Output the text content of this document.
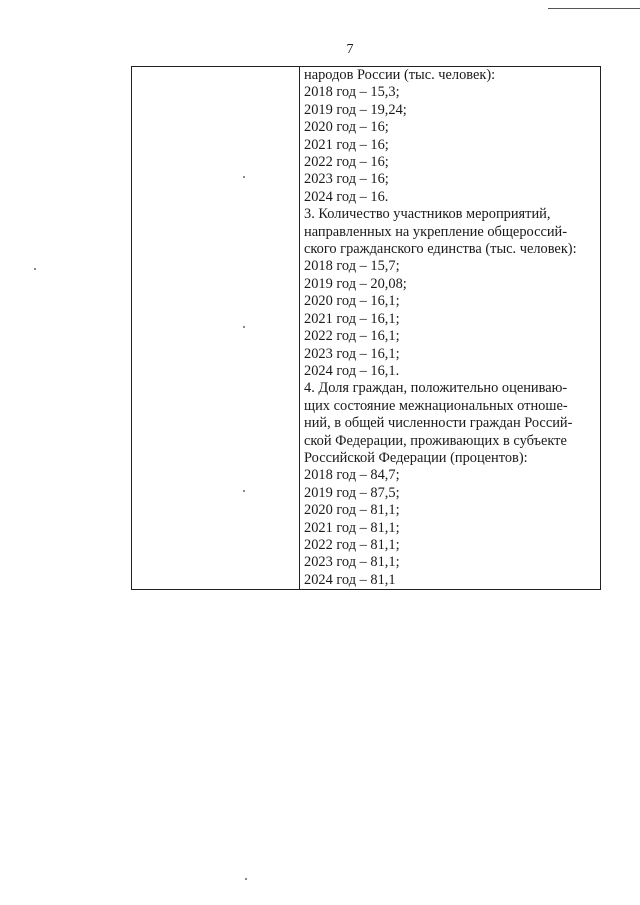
7

народов России (тыс. человек):
2018 год – 15,3;
2019 год – 19,24;
2020 год – 16;
2021 год – 16;
2022 год – 16;
2023 год – 16;
2024 год – 16.
3. Количество участников мероприятий,
направленных на укрепление общероссий-
ского гражданского единства (тыс. человек):
2018 год – 15,7;
2019 год – 20,08;
2020 год – 16,1;
2021 год – 16,1;
2022 год – 16,1;
2023 год – 16,1;
2024 год – 16,1.
4. Доля граждан, положительно оцениваю-
щих состояние межнациональных отноше-
ний, в общей численности граждан Россий-
ской Федерации, проживающих в субъекте
Российской Федерации (процентов):
2018 год – 84,7;
2019 год – 87,5;
2020 год – 81,1;
2021 год – 81,1;
2022 год – 81,1;
2023 год – 81,1;
2024 год – 81,1
